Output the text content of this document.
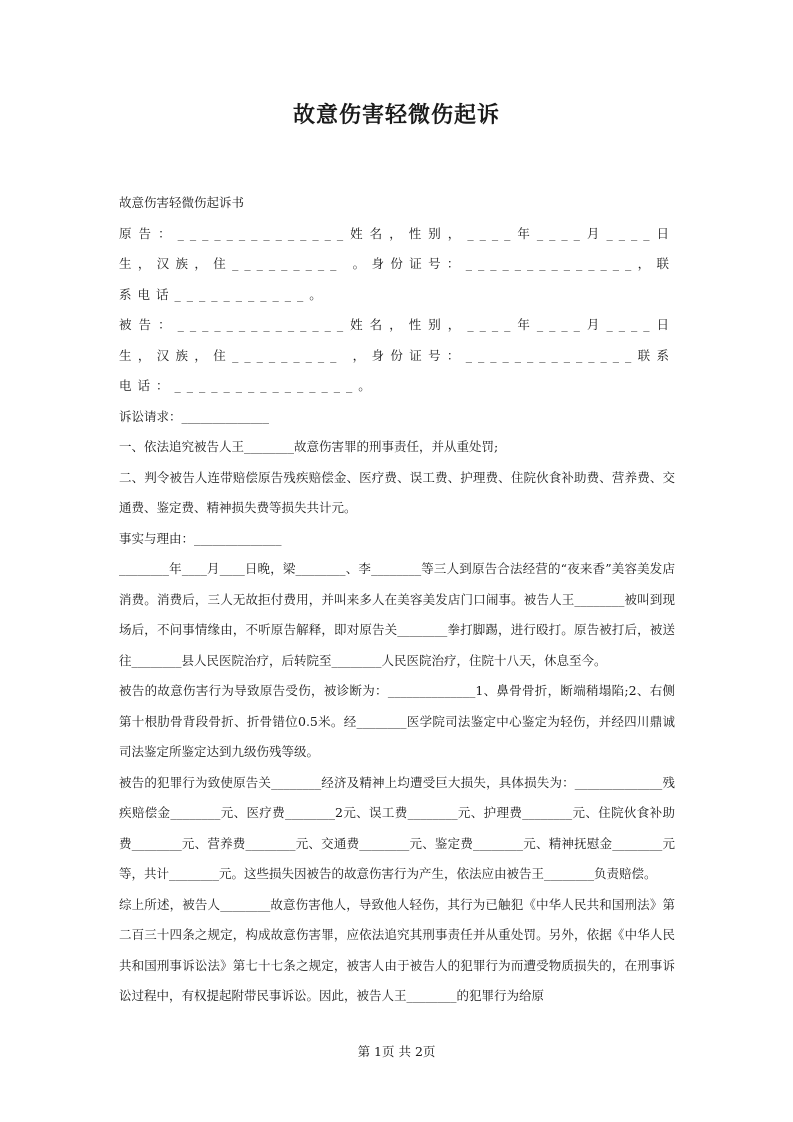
故意伤害轻微伤起诉

故意伤害轻微伤起诉书

原告：______________姓名，性别，____年____月____日生，汉族，住_________ 。身份证号：______________，联系电话___________。

被告：______________姓名，性别，____年____月____日生，汉族，住_________ ，身份证号：______________联系电话：_______________。

诉讼请求：______________

一、依法追究被告人王________故意伤害罪的刑事责任，并从重处罚;

二、判令被告人连带赔偿原告残疾赔偿金、医疗费、误工费、护理费、住院伙食补助费、营养费、交通费、鉴定费、精神损失费等损失共计元。

事实与理由：______________

________年____月____日晚，梁________、李________等三人到原告合法经营的“夜来香”美容美发店消费。消费后，三人无故拒付费用，并叫来多人在美容美发店门口闹事。被告人王________被叫到现场后，不问事情缘由，不听原告解释，即对原告关________拳打脚踢，进行殴打。原告被打后，被送往________县人民医院治疗，后转院至________人民医院治疗，住院十八天，休息至今。

被告的故意伤害行为导致原告受伤，被诊断为：______________1、鼻骨骨折，断端稍塌陷;2、右侧第十根肋骨背段骨折、折骨错位0.5米。经________医学院司法鉴定中心鉴定为轻伤，并经四川鼎诚司法鉴定所鉴定达到九级伤残等级。

被告的犯罪行为致使原告关________经济及精神上均遭受巨大损失，具体损失为：______________残疾赔偿金________元、医疗费________2元、误工费________元、护理费________元、住院伙食补助费________元、营养费________元、交通费________元、鉴定费________元、精神抚慰金________元等，共计________元。这些损失因被告的故意伤害行为产生，依法应由被告王________负责赔偿。

综上所述，被告人________故意伤害他人，导致他人轻伤，其行为已触犯《中华人民共和国刑法》第二百三十四条之规定，构成故意伤害罪，应依法追究其刑事责任并从重处罚。另外，依据《中华人民共和国刑事诉讼法》第七十七条之规定，被害人由于被告人的犯罪行为而遭受物质损失的，在刑事诉讼过程中，有权提起附带民事诉讼。因此，被告人王________的犯罪行为给原

第 1页 共 2页
